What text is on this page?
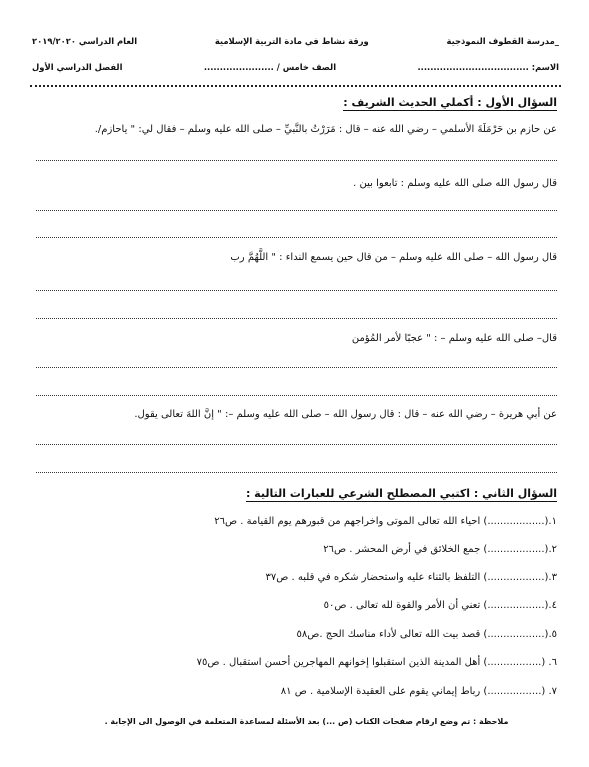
_مدرسة القطوف النموذجية
ورقة نشاط في مادة التربية الإسلامية
العام الدراسي ٢٠١٩/٢٠٢٠
الاسم: ...................................
الصف خامس / ......................
الفصل الدراسي الأول
السؤال الأول : أكملي الحديث الشريف :
عن حازم بن حَرْمَلَةَ الأسلمي – رضي الله عنه – قال : مَرَرْتُ بالنَّبيِّ – صلى الله عليه وسلم – فقال لي: " ياحازم/.
قال رسول الله صلى الله عليه وسلم : تابعوا بين .
قال رسول الله – صلى الله عليه وسلم – من قال حين يسمع النداء : " اللَّهُمَّ رب
قال– صلى الله عليه وسلم – : " عجبًا لأمر المُؤمن
عن أبي هريرة – رضي الله عنه – قال : قال رسول الله – صلى الله عليه وسلم –: " إنَّ اللهَ تعالى يقول.
السؤال الثاني : اكتبي المصطلح الشرعي للعبارات التالية :
١.(..................) احياء الله تعالى الموتى واخراجهم من قبورهم يوم القيامة . ص٢٦
٢.(..................) جمع الخلائق في أرض المحشر . ص٢٦
٣.(..................) التلفظ بالثناء عليه واستحضار شكره في قلبه . ص٣٧
٤.(..................) تعني أن الأمر والقوة لله تعالى . ص٥٠
٥.(..................) قصد بيت الله تعالى لأداء مناسك الحج .ص٥٨
٦. (.................) أهل المدينة الذين استقبلوا إخوانهم المهاجرين أحسن استقبال . ص٧٥
٧. (.................) رباط إيماني يقوم على العقيدة الإسلامية . ص ٨١
ملاحظة : تم وضع ارقام صفحات الكتاب (ص ...) بعد الأسئلة لمساعدة المتعلمة في الوصول الى الإجابة .
